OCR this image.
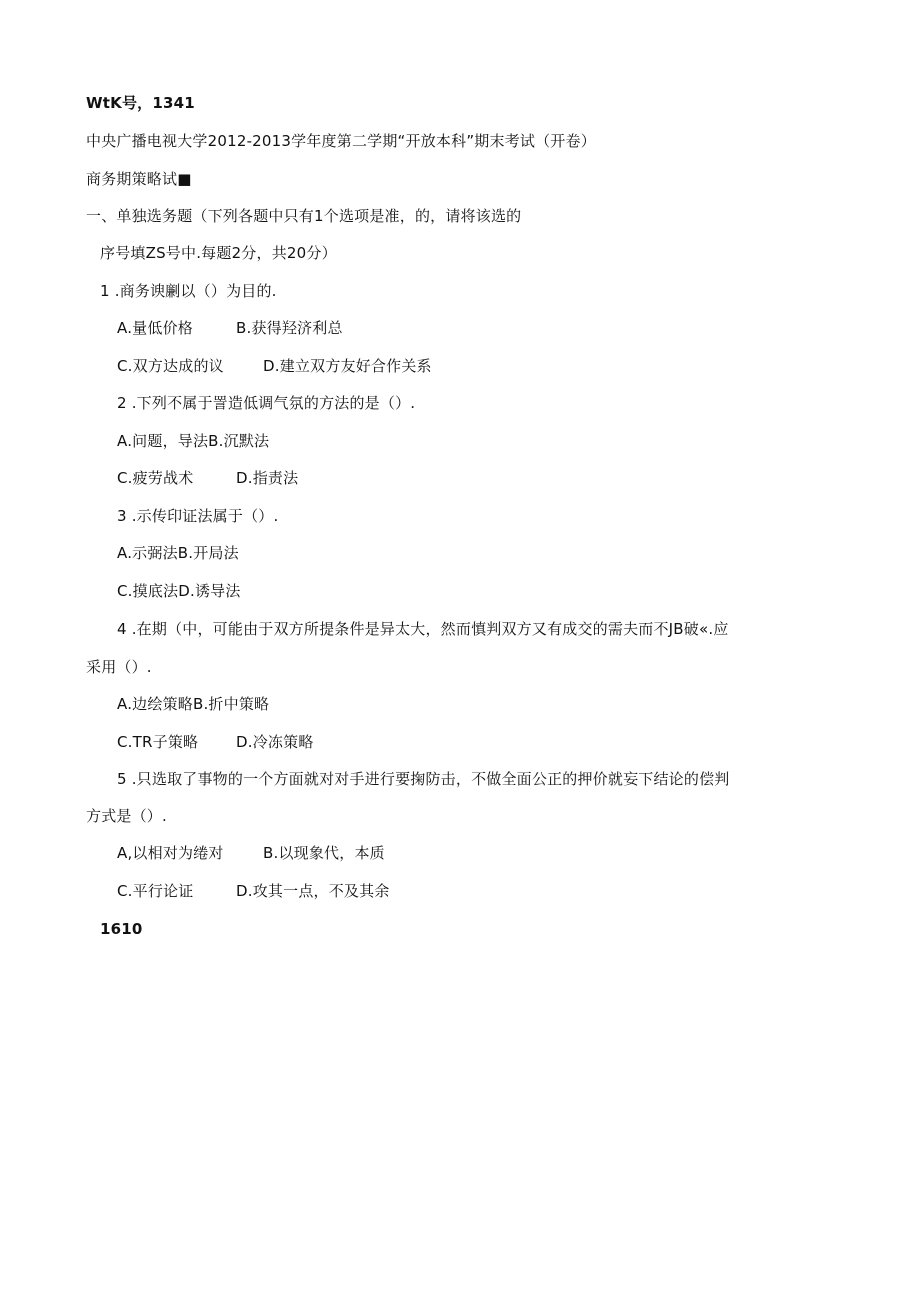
WtK号，1341
中央广播电视大学2012-2013学年度第二学期“开放本科”期末考试（开卷）
商务期策略试■
一、单独选务题（下列各题中只有1个选项是准，的，请将该选的
序号填ZS号中.每题2分，共20分）
1 .商务谀劆以（）为目的.
A.量低价格	B.获得羟济利总
C.双方达成的议	D.建立双方友好合作关系
2 .下列不属于詈造低调气氛的方法的是（）.
A.问题，导法B.沉默法
C.疲劳战术	D.指责法
3 .示传印证法属于（）.
A.示弼法B.开局法
C.摸底法D.诱导法
4 .在期（中，可能由于双方所提条件是异太大，然而慎判双方又有成交的需夫而不JB破«.应
采用（）.
A.边绘策略B.折中策略
C.TR子策略	D.冷冻策略
5 .只选取了事物的一个方面就对对手进行要掬防击，不做全面公正的押价就妄下结论的偿判
方式是（）.
A,以相对为绻对	B.以现象代，本质
C.平行论证	D.攻其一点，不及其余
1610
